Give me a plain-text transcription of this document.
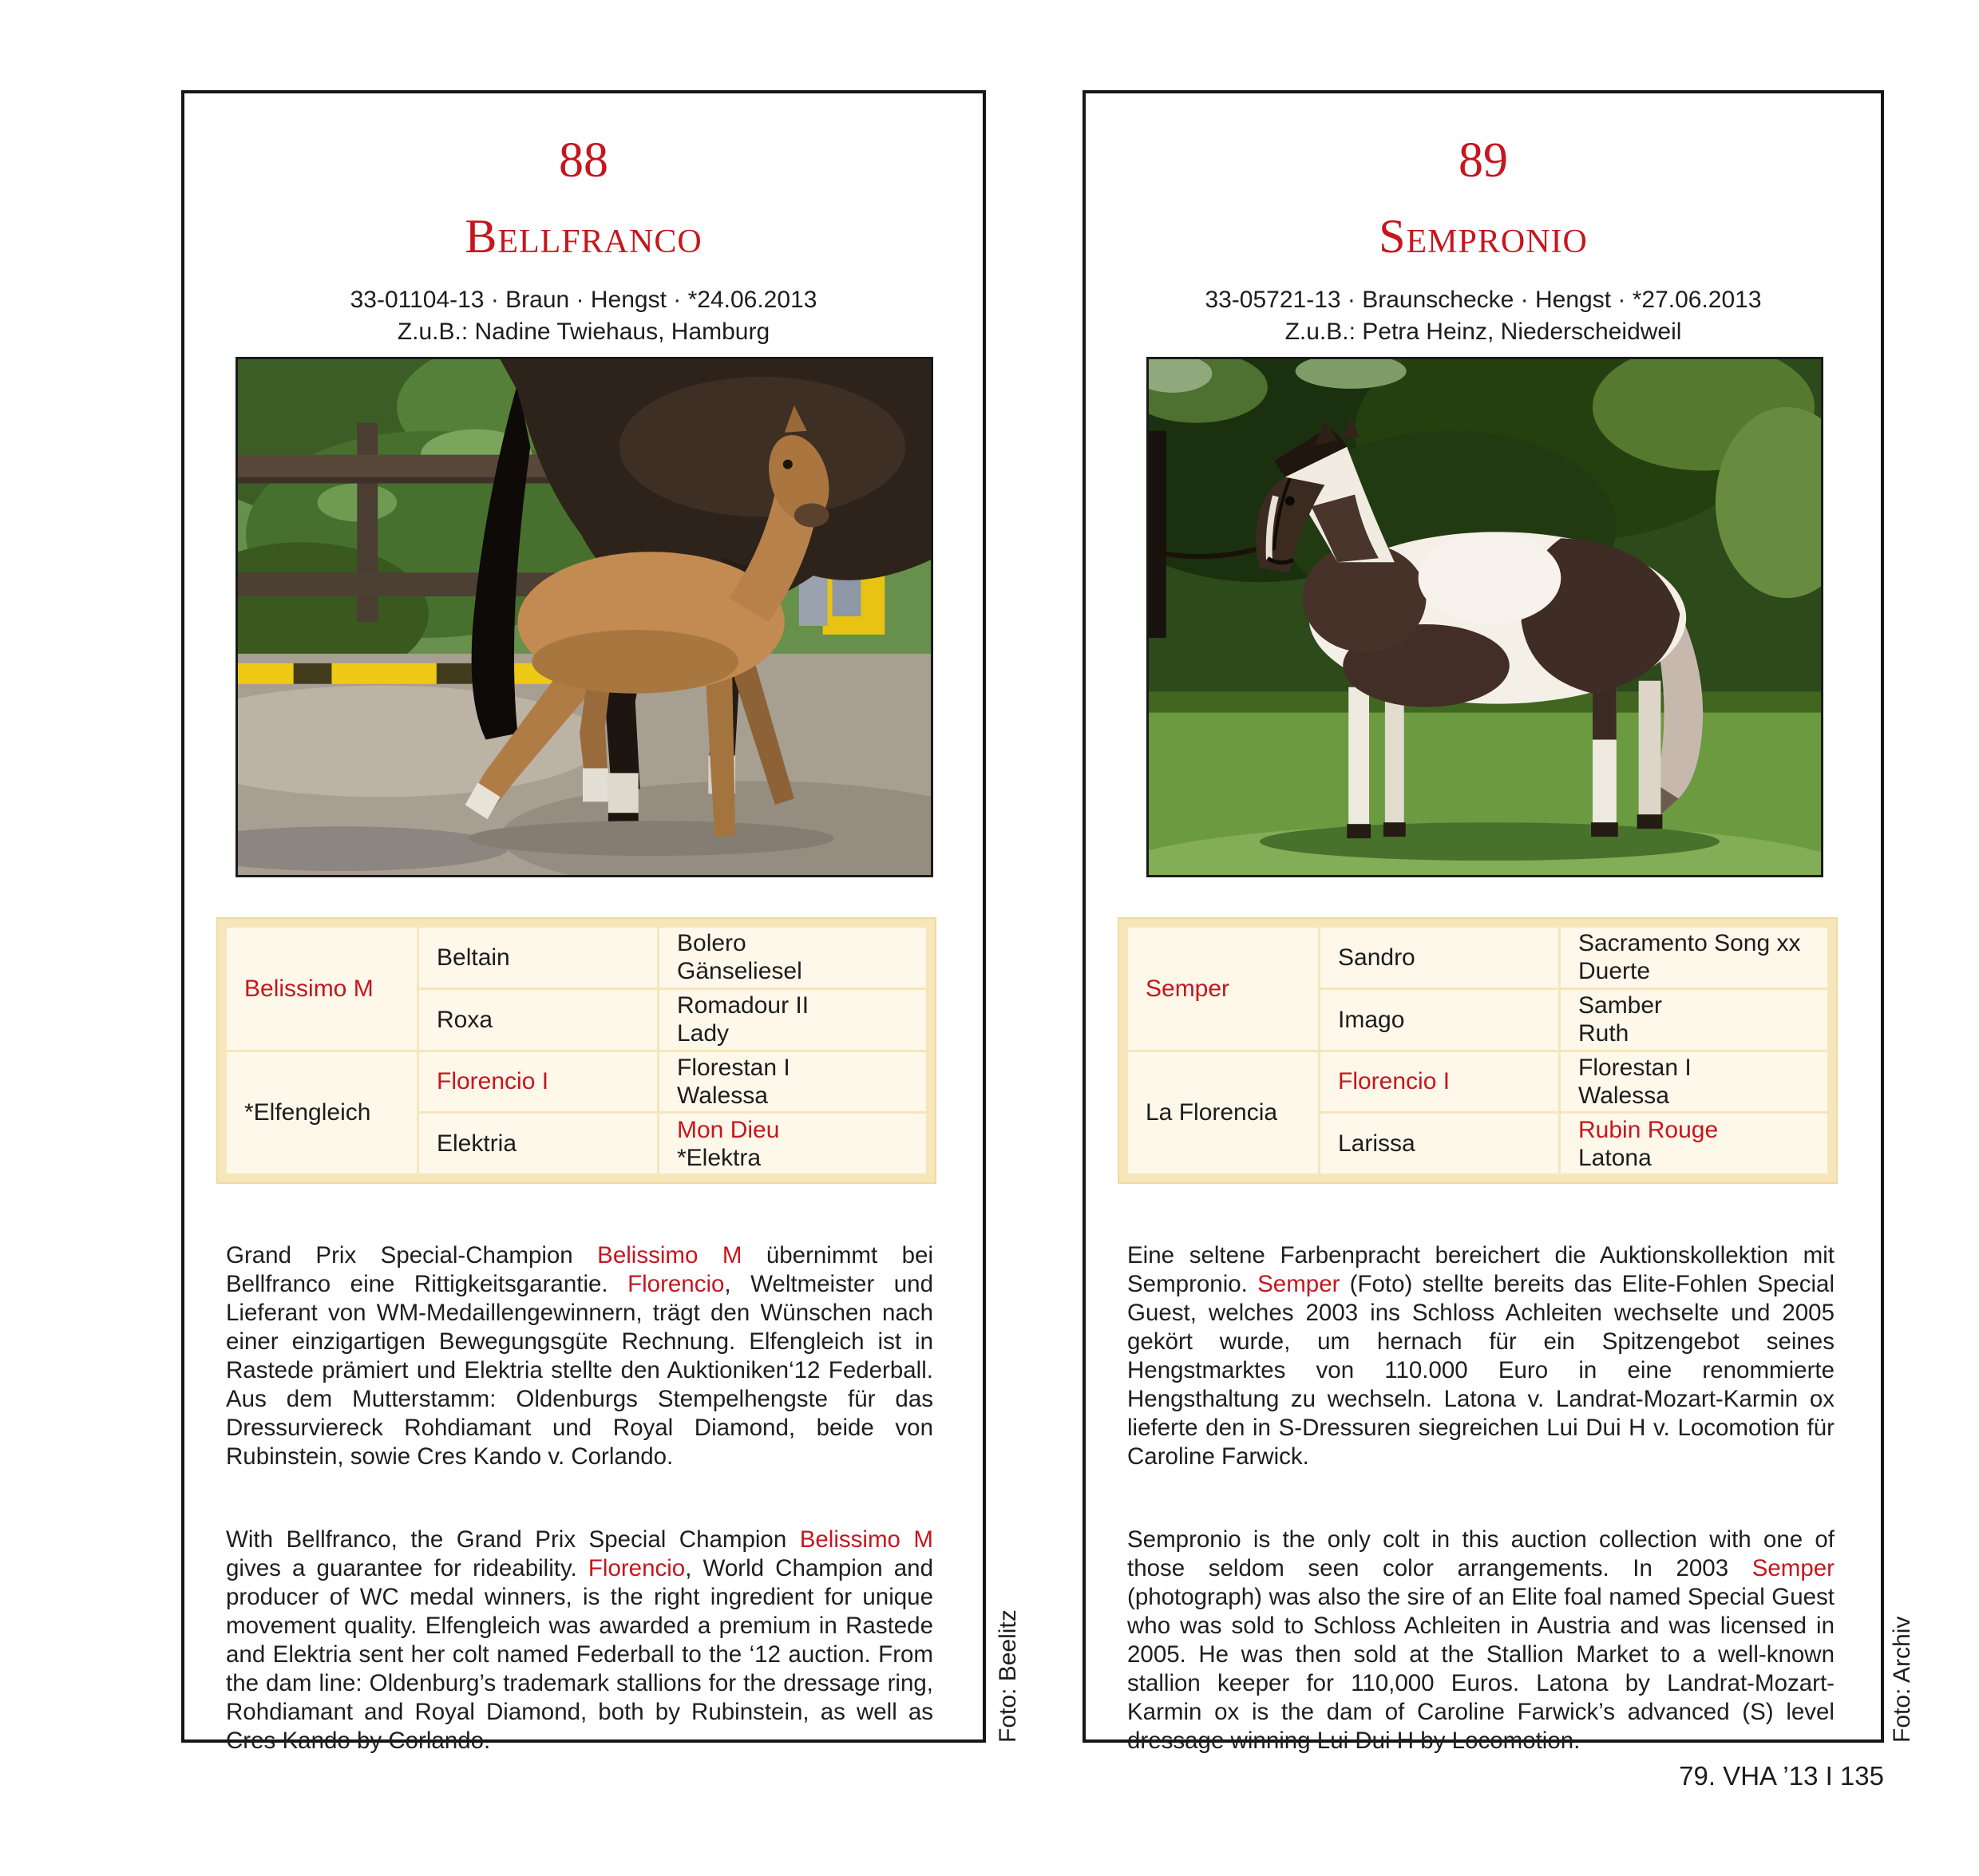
88
Bellfranco
33-01104-13 · Braun · Hengst · *24.06.2013
Z.u.B.: Nadine Twiehaus, Hamburg
Belissimo M
Beltain
Bolero
Gänseliesel
Roxa
Romadour II
Lady
*Elfengleich
Florencio I
Florestan I
Walessa
Elektria
Mon Dieu
*Elektra

Grand Prix Special-Champion Belissimo M übernimmt bei Bellfranco eine Rittigkeitsgarantie. Florencio, Weltmeister und Lieferant von WM-Medaillengewinnern, trägt den Wünschen nach einer einzigartigen Bewegungsgüte Rechnung. Elfengleich ist in Rastede prämiert und Elektria stellte den Auktioniken‘12 Federball. Aus dem Mutterstamm: Oldenburgs Stempelhengste für das Dressurviereck Rohdiamant und Royal Diamond, beide von Rubinstein, sowie Cres Kando v. Corlando.

With Bellfranco, the Grand Prix Special Champion Belissimo M gives a guarantee for rideability. Florencio, World Champion and producer of WC medal winners, is the right ingredient for unique movement quality. Elfengleich was awarded a premium in Rastede and Elektria sent her colt named Federball to the ‘12 auction. From the dam line: Oldenburg’s trademark stallions for the dressage ring, Rohdiamant and Royal Diamond, both by Rubinstein, as well as Cres Kando by Corlando.

89
Sempronio
33-05721-13 · Braunschecke · Hengst · *27.06.2013
Z.u.B.: Petra Heinz, Niederscheidweil
Semper
Sandro
Sacramento Song xx
Duerte
Imago
Samber
Ruth
La Florencia
Florencio I
Florestan I
Walessa
Larissa
Rubin Rouge
Latona

Eine seltene Farbenpracht bereichert die Auktionskollektion mit Sempronio. Semper (Foto) stellte bereits das Elite-Fohlen Special Guest, welches 2003 ins Schloss Achleiten wechselte und 2005 gekört wurde, um hernach für ein Spitzengebot seines Hengstmarktes von 110.000 Euro in eine renommierte Hengsthaltung zu wechseln. Latona v. Landrat-Mozart-Karmin ox lieferte den in S-Dressuren siegreichen Lui Dui H v. Locomotion für Caroline Farwick.

Sempronio is the only colt in this auction collection with one of those seldom seen color arrangements. In 2003 Semper (photograph) was also the sire of an Elite foal named Special Guest who was sold to Schloss Achleiten in Austria and was licensed in 2005. He was then sold at the Stallion Market to a well-known stallion keeper for 110,000 Euros. Latona by Landrat-Mozart-Karmin ox is the dam of Caroline Farwick’s advanced (S) level dressage winning Lui Dui H by Locomotion.

Foto: Beelitz	Foto: Archiv
79. VHA ’13 I 135
